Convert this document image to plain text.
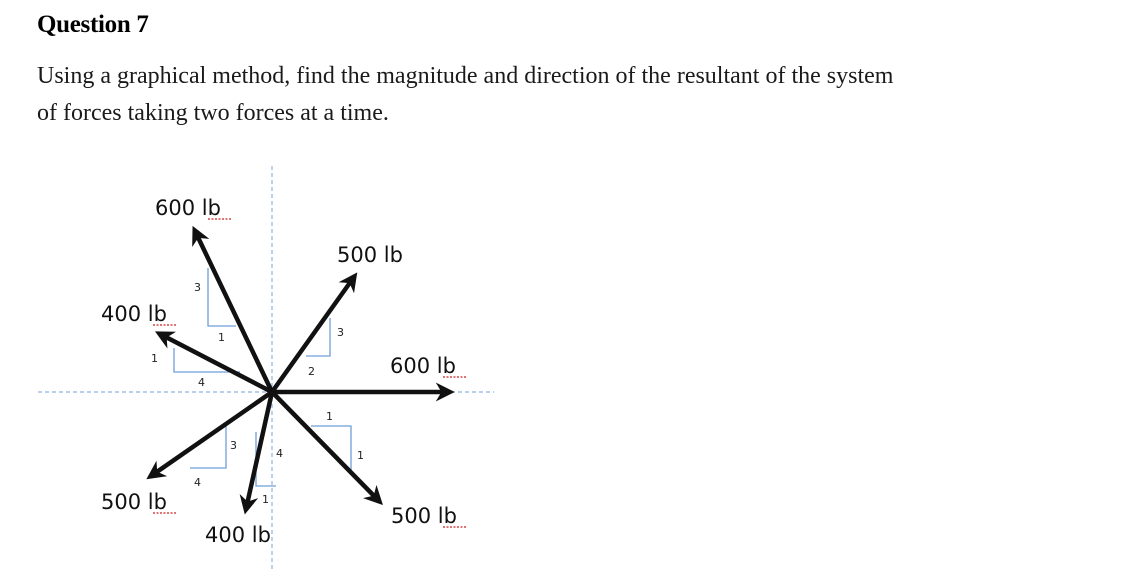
Question 7

Using a graphical method, find the magnitude and direction of the resultant of the system
of forces taking two forces at a time.

3
1
1
4
3
2
1
1
3
4
4
1
600 lb
500 lb
400 lb
600 lb
500 lb
400 lb
500 lb
